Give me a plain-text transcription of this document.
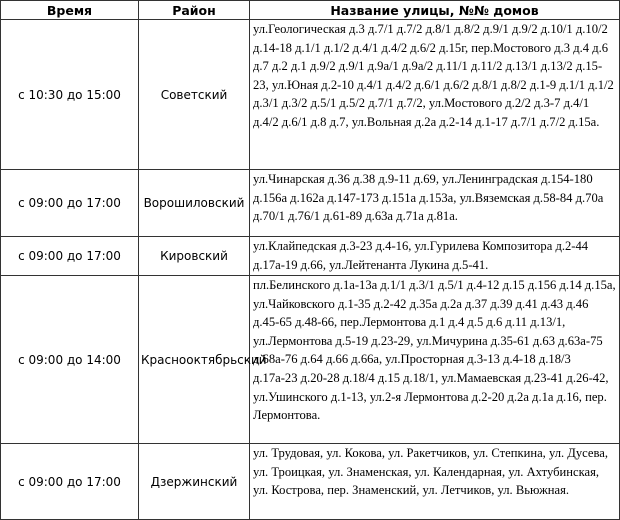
Время	Район	Название улицы, №№ домов
с 10:30 до 15:00	Советский	ул.Геологическая д.3 д.7/1 д.7/2 д.8/1 д.8/2 д.9/1 д.9/2 д.10/1 д.10/2 д.14-18 д.1/1 д.1/2 д.4/1 д.4/2 д.6/2 д.15г, пер.Мостового д.3 д.4 д.6 д.7 д.2 д.1 д.9/2 д.9/1 д.9а/1 д.9а/2 д.11/1 д.11/2 д.13/1 д.13/2 д.15-23, ул.Юная д.2-10 д.4/1 д.4/2 д.6/1 д.6/2 д.8/1 д.8/2 д.1-9 д.1/1 д.1/2 д.3/1 д.3/2 д.5/1 д.5/2 д.7/1 д.7/2, ул.Мостового д.2/2 д.3-7 д.4/1 д.4/2 д.6/1 д.8 д.7, ул.Вольная д.2а д.2-14 д.1-17 д.7/1 д.7/2 д.15а.
с 09:00 до 17:00	Ворошиловский	ул.Чинарская д.36 д.38 д.9-11 д.69, ул.Ленинградская д.154-180 д.156а д.162а д.147-173 д.151а д.153а, ул.Вяземская д.58-84 д.70а д.70/1 д.76/1 д.61-89 д.63а д.71а д.81а.
с 09:00 до 17:00	Кировский	ул.Клайпедская д.3-23 д.4-16, ул.Гурилева Композитора д.2-44 д.17а-19 д.66, ул.Лейтенанта Лукина д.5-41.
с 09:00 до 14:00	Краснооктябрьский	пл.Белинского д.1а-13а д.1/1 д.3/1 д.5/1 д.4-12 д.15 д.156 д.14 д.15а, ул.Чайковского д.1-35 д.2-42 д.35а д.2а д.37 д.39 д.41 д.43 д.46 д.45-65 д.48-66, пер.Лермонтова д.1 д.4 д.5 д.6 д.11 д.13/1, ул.Лермонтова д.5-19 д.23-29, ул.Мичурина д.35-61 д.63 д.63а-75 д.68а-76 д.64 д.66 д.66а, ул.Просторная д.3-13 д.4-18 д.18/3 д.17а-23 д.20-28 д.18/4 д.15 д.18/1, ул.Мамаевская д.23-41 д.26-42, ул.Ушинского д.1-13, ул.2-я Лермонтова д.2-20 д.2а д.1а д.16, пер. Лермонтова.
с 09:00 до 17:00	Дзержинский	ул. Трудовая, ул. Кокова, ул. Ракетчиков, ул. Степкина, ул. Дусева, ул. Троицкая, ул. Знаменская, ул. Календарная, ул. Ахтубинская, ул. Кострова, пер. Знаменский, ул. Летчиков, ул. Вьюжная.
